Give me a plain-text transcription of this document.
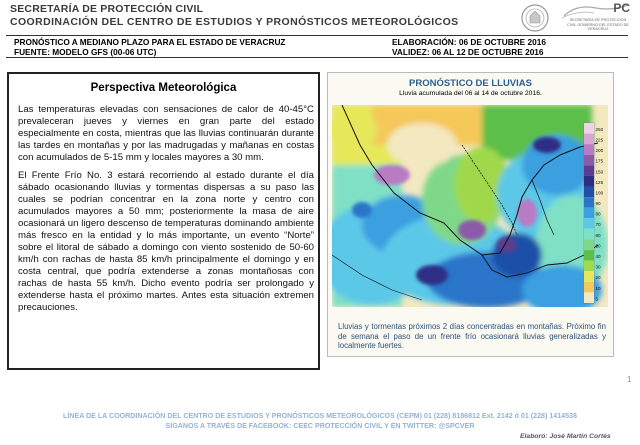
SECRETARÍA DE PROTECCIÓN CIVIL
COORDINACIÓN DEL CENTRO DE ESTUDIOS Y PRONÓSTICOS METEOROLÓGICOS
PC
SECRETARÍA DE PROTECCIÓN CIVIL GOBIERNO DEL ESTADO DE VERACRUZ
PRONÓSTICO A MEDIANO PLAZO PARA EL ESTADO DE VERACRUZ
FUENTE: MODELO GFS (00-06 UTC)
ELABORACIÓN: 06 DE OCTUBRE 2016
VALIDEZ: 06 AL 12 DE OCTUBRE 2016
Perspectiva Meteorológica

Las temperaturas elevadas con sensaciones de calor de 40-45°C prevaleceran jueves y viernes en gran parte del estado especialmente en costa, mientras que las lluvias continuarán durante las tardes en montañas y por las madrugadas y mañanas en costas con acumulados de 5-15 mm y locales mayores a 30 mm.

El Frente Frío No. 3 estará recorriendo al estado durante el día sábado ocasionando lluvias y tormentas dispersas a su paso las cuales se podrían concentrar en la zona norte y centro con acumulados mayores a 50 mm; posteriormente la masa de aire ocasionará un ligero descenso de temperaturas dominando ambiente más fresco en la entidad y lo más importante, un evento “Norte” sobre el litoral de sábado a domingo con viento sostenido de 50-60 km/h con rachas de hasta 85 km/h principalmente el domingo y en costa central, que podría extenderse a zonas montañosas con rachas de hasta 55 km/h. Dicho evento podría ser prolongado y extenderse hasta el próximo martes. Antes esta situación extremen precauciones.

PRONÓSTICO DE LLUVIAS
Lluvia acumulada del 06 al 14 de octubre 2016.
250
225
200
175
150
125
100
90
80
70
60
50
40
30
20
10
5
Lluvias y tormentas próximos 2 días concentradas en montañas. Próximo fin de semana el paso de un frente frío ocasionará lluvias generalizadas y localmente fuertes.
1
LÍNEA DE LA COORDINACIÓN DEL CENTRO DE ESTUDIOS Y PRONÓSTICOS METEOROLÓGICOS (CEPM) 01 (228) 8186812 Ext. 2142 ó 01 (228) 1414538
SÍGANOS A TRAVÉS DE FACEBOOK: CEEC PROTECCIÓN CIVIL Y EN TWITTER: @SPCVER
Elaboró: José Martín Cortés
